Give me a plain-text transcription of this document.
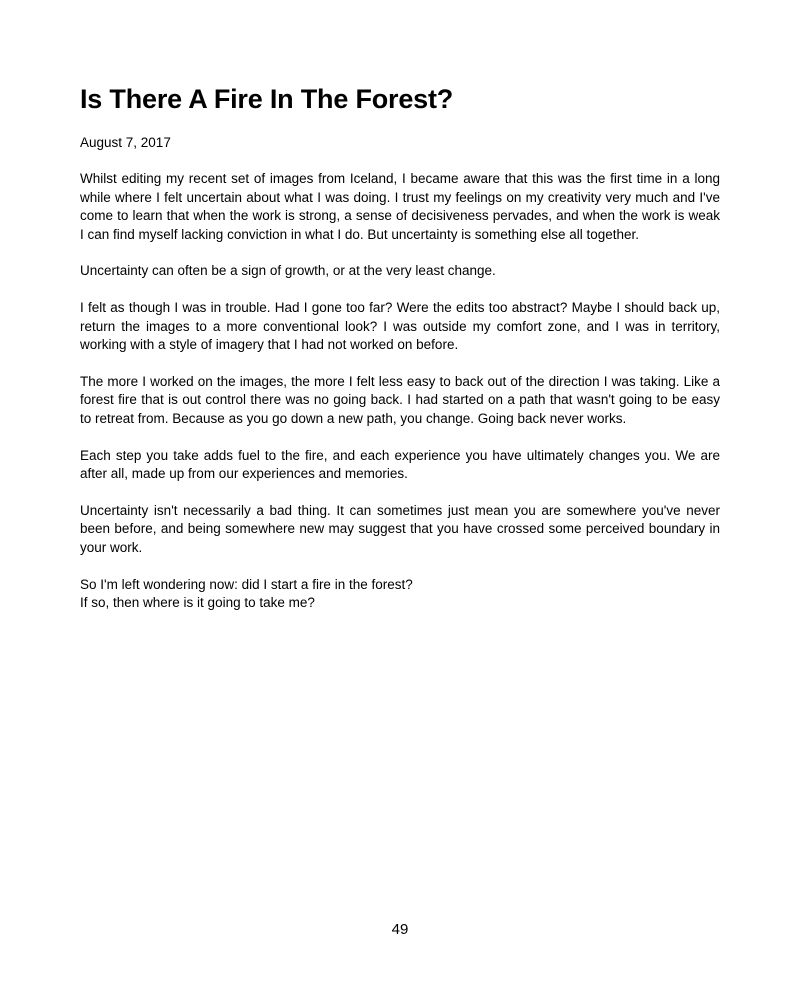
Is There A Fire In The Forest?
August 7, 2017

Whilst editing my recent set of images from Iceland, I became aware that this was the first time in a long while where I felt uncertain about what I was doing. I trust my feelings on my creativity very much and I've come to learn that when the work is strong, a sense of decisiveness pervades, and when the work is weak I can find myself lacking conviction in what I do. But uncertainty is something else all together.

Uncertainty can often be a sign of growth, or at the very least change.

I felt as though I was in trouble. Had I gone too far? Were the edits too abstract? Maybe I should back up, return the images to a more conventional look? I was outside my comfort zone, and I was in territory, working with a style of imagery that I had not worked on before.

The more I worked on the images, the more I felt less easy to back out of the direction I was taking. Like a forest fire that is out control there was no going back. I had started on a path that wasn't going to be easy to retreat from. Because as you go down a new path, you change. Going back never works.

Each step you take adds fuel to the fire, and each experience you have ultimately changes you. We are after all, made up from our experiences and memories.

Uncertainty isn't necessarily a bad thing. It can sometimes just mean you are somewhere you've never been before, and being somewhere new may suggest that you have crossed some perceived boundary in your work.

So I'm left wondering now: did I start a fire in the forest?
If so, then where is it going to take me?
49
